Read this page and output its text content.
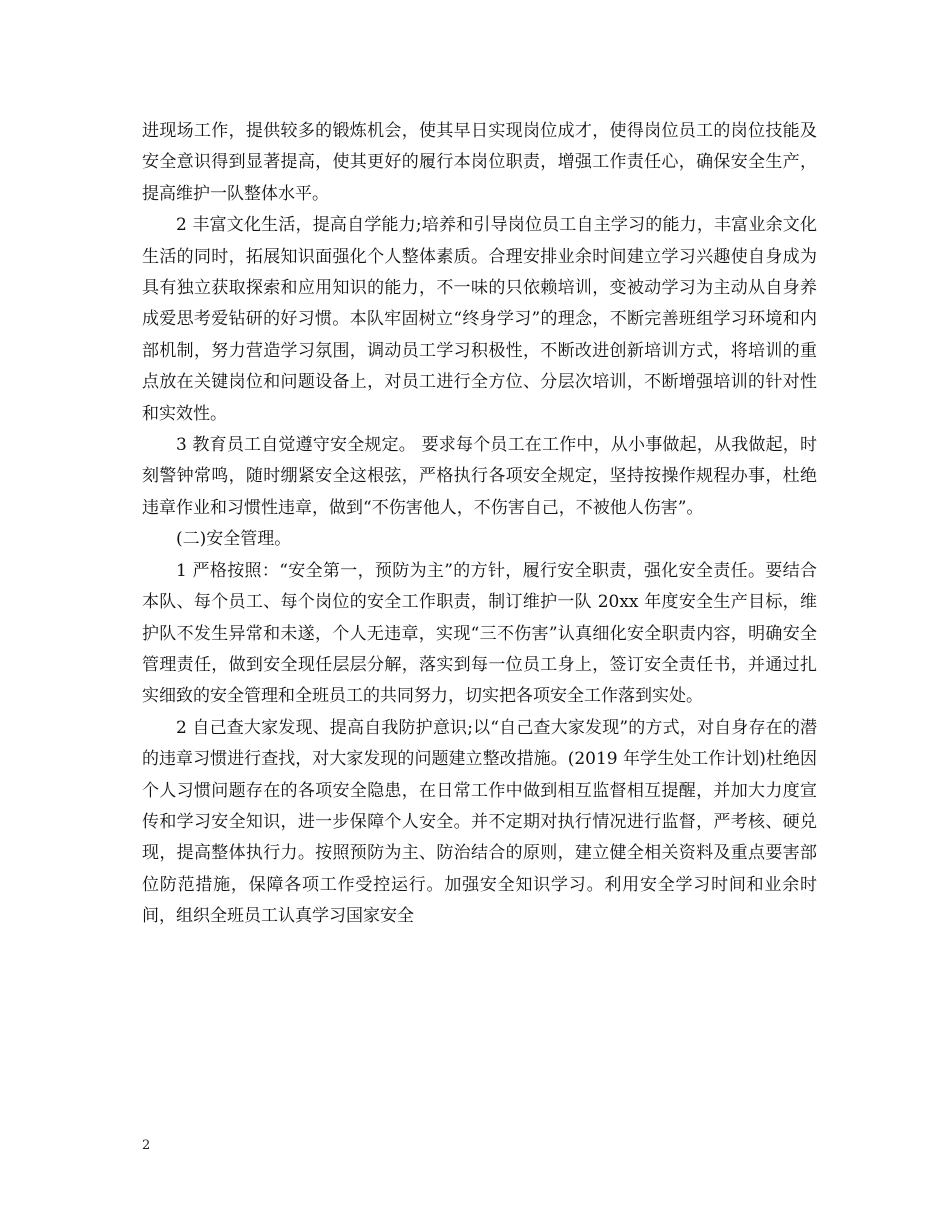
进现场工作，提供较多的锻炼机会，使其早日实现岗位成才，使得岗位员工的岗位技能及安全意识得到显著提高，使其更好的履行本岗位职责，增强工作责任心，确保安全生产，提高维护一队整体水平。

2 丰富文化生活，提高自学能力;培养和引导岗位员工自主学习的能力，丰富业余文化生活的同时，拓展知识面强化个人整体素质。合理安排业余时间建立学习兴趣使自身成为具有独立获取探索和应用知识的能力，不一味的只依赖培训，变被动学习为主动从自身养成爱思考爱钻研的好习惯。本队牢固树立“终身学习”的理念，不断完善班组学习环境和内部机制，努力营造学习氛围，调动员工学习积极性，不断改进创新培训方式，将培训的重点放在关键岗位和问题设备上，对员工进行全方位、分层次培训，不断增强培训的针对性和实效性。

3 教育员工自觉遵守安全规定。 要求每个员工在工作中，从小事做起，从我做起，时刻警钟常鸣，随时绷紧安全这根弦，严格执行各项安全规定，坚持按操作规程办事，杜绝违章作业和习惯性违章，做到“不伤害他人，不伤害自己，不被他人伤害”。

(二)安全管理。

1 严格按照：“安全第一，预防为主”的方针，履行安全职责，强化安全责任。要结合本队、每个员工、每个岗位的安全工作职责，制订维护一队 20xx 年度安全生产目标，维护队不发生异常和未遂，个人无违章，实现“三不伤害”认真细化安全职责内容，明确安全管理责任，做到安全现任层层分解，落实到每一位员工身上，签订安全责任书，并通过扎实细致的安全管理和全班员工的共同努力，切实把各项安全工作落到实处。

2 自己查大家发现、提高自我防护意识;以“自己查大家发现”的方式，对自身存在的潜的违章习惯进行查找，对大家发现的问题建立整改措施。(2019 年学生处工作计划)杜绝因个人习惯问题存在的各项安全隐患，在日常工作中做到相互监督相互提醒，并加大力度宣传和学习安全知识，进一步保障个人安全。并不定期对执行情况进行监督，严考核、硬兑现，提高整体执行力。按照预防为主、防治结合的原则，建立健全相关资料及重点要害部位防范措施，保障各项工作受控运行。加强安全知识学习。利用安全学习时间和业余时间，组织全班员工认真学习国家安全

2
